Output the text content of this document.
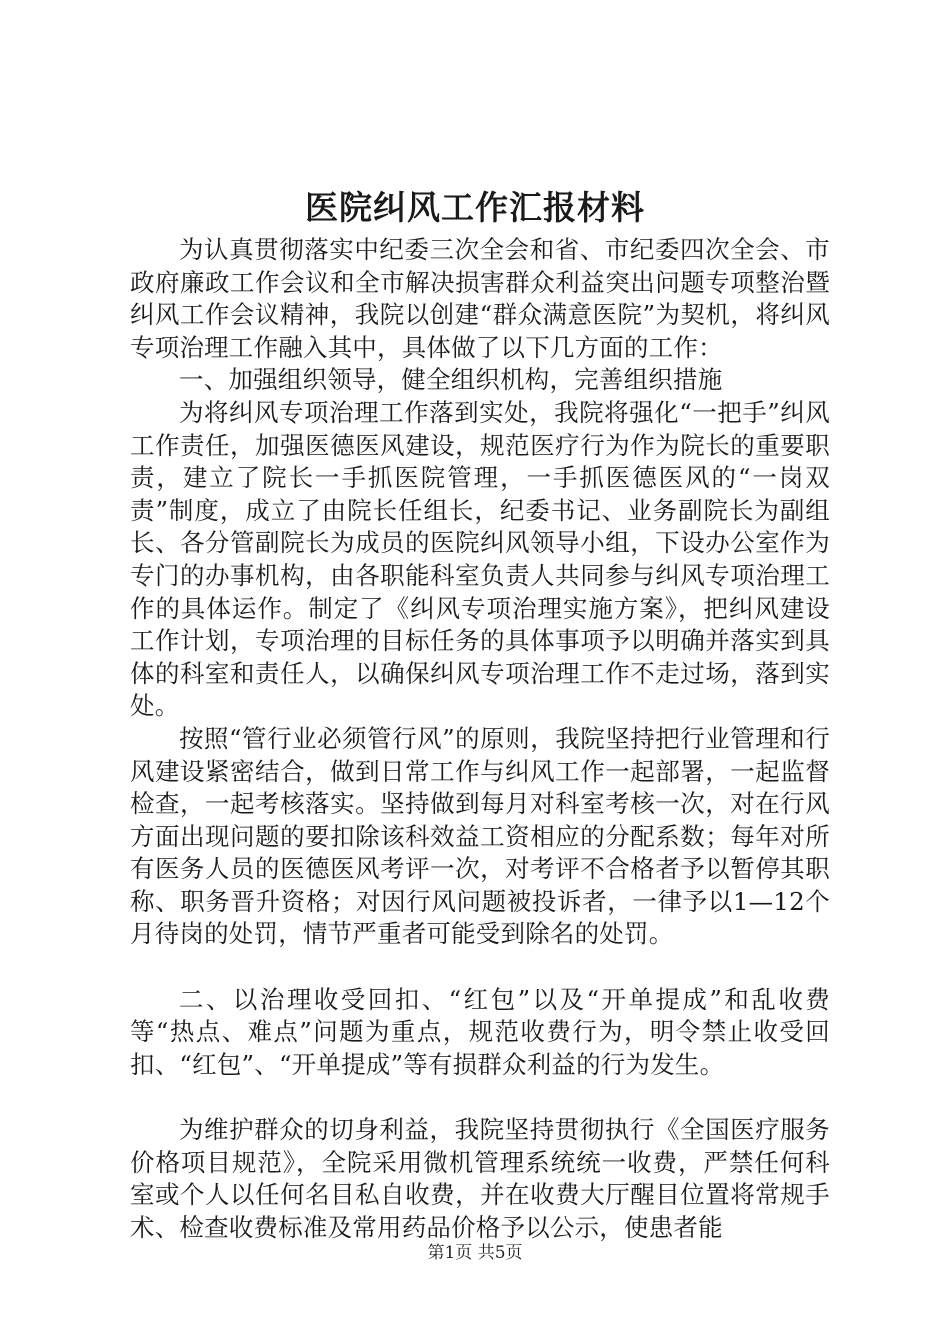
医院纠风工作汇报材料

为认真贯彻落实中纪委三次全会和省、市纪委四次全会、市政府廉政工作会议和全市解决损害群众利益突出问题专项整治暨纠风工作会议精神，我院以创建“群众满意医院”为契机，将纠风专项治理工作融入其中，具体做了以下几方面的工作：

一、加强组织领导，健全组织机构，完善组织措施

为将纠风专项治理工作落到实处，我院将强化“一把手”纠风工作责任，加强医德医风建设，规范医疗行为作为院长的重要职责，建立了院长一手抓医院管理，一手抓医德医风的“一岗双责”制度，成立了由院长任组长，纪委书记、业务副院长为副组长、各分管副院长为成员的医院纠风领导小组，下设办公室作为专门的办事机构，由各职能科室负责人共同参与纠风专项治理工作的具体运作。制定了《纠风专项治理实施方案》，把纠风建设工作计划，专项治理的目标任务的具体事项予以明确并落实到具体的科室和责任人，以确保纠风专项治理工作不走过场，落到实处。

按照“管行业必须管行风”的原则，我院坚持把行业管理和行风建设紧密结合，做到日常工作与纠风工作一起部署，一起监督检查，一起考核落实。坚持做到每月对科室考核一次，对在行风方面出现问题的要扣除该科效益工资相应的分配系数；每年对所有医务人员的医德医风考评一次，对考评不合格者予以暂停其职称、职务晋升资格；对因行风问题被投诉者，一律予以1—12个月待岗的处罚，情节严重者可能受到除名的处罚。

二、以治理收受回扣、“红包”以及“开单提成”和乱收费等“热点、难点”问题为重点，规范收费行为，明令禁止收受回扣、“红包”、“开单提成”等有损群众利益的行为发生。

为维护群众的切身利益，我院坚持贯彻执行《全国医疗服务价格项目规范》，全院采用微机管理系统统一收费，严禁任何科室或个人以任何名目私自收费，并在收费大厅醒目位置将常规手术、检查收费标准及常用药品价格予以公示，使患者能

第1页 共5页
